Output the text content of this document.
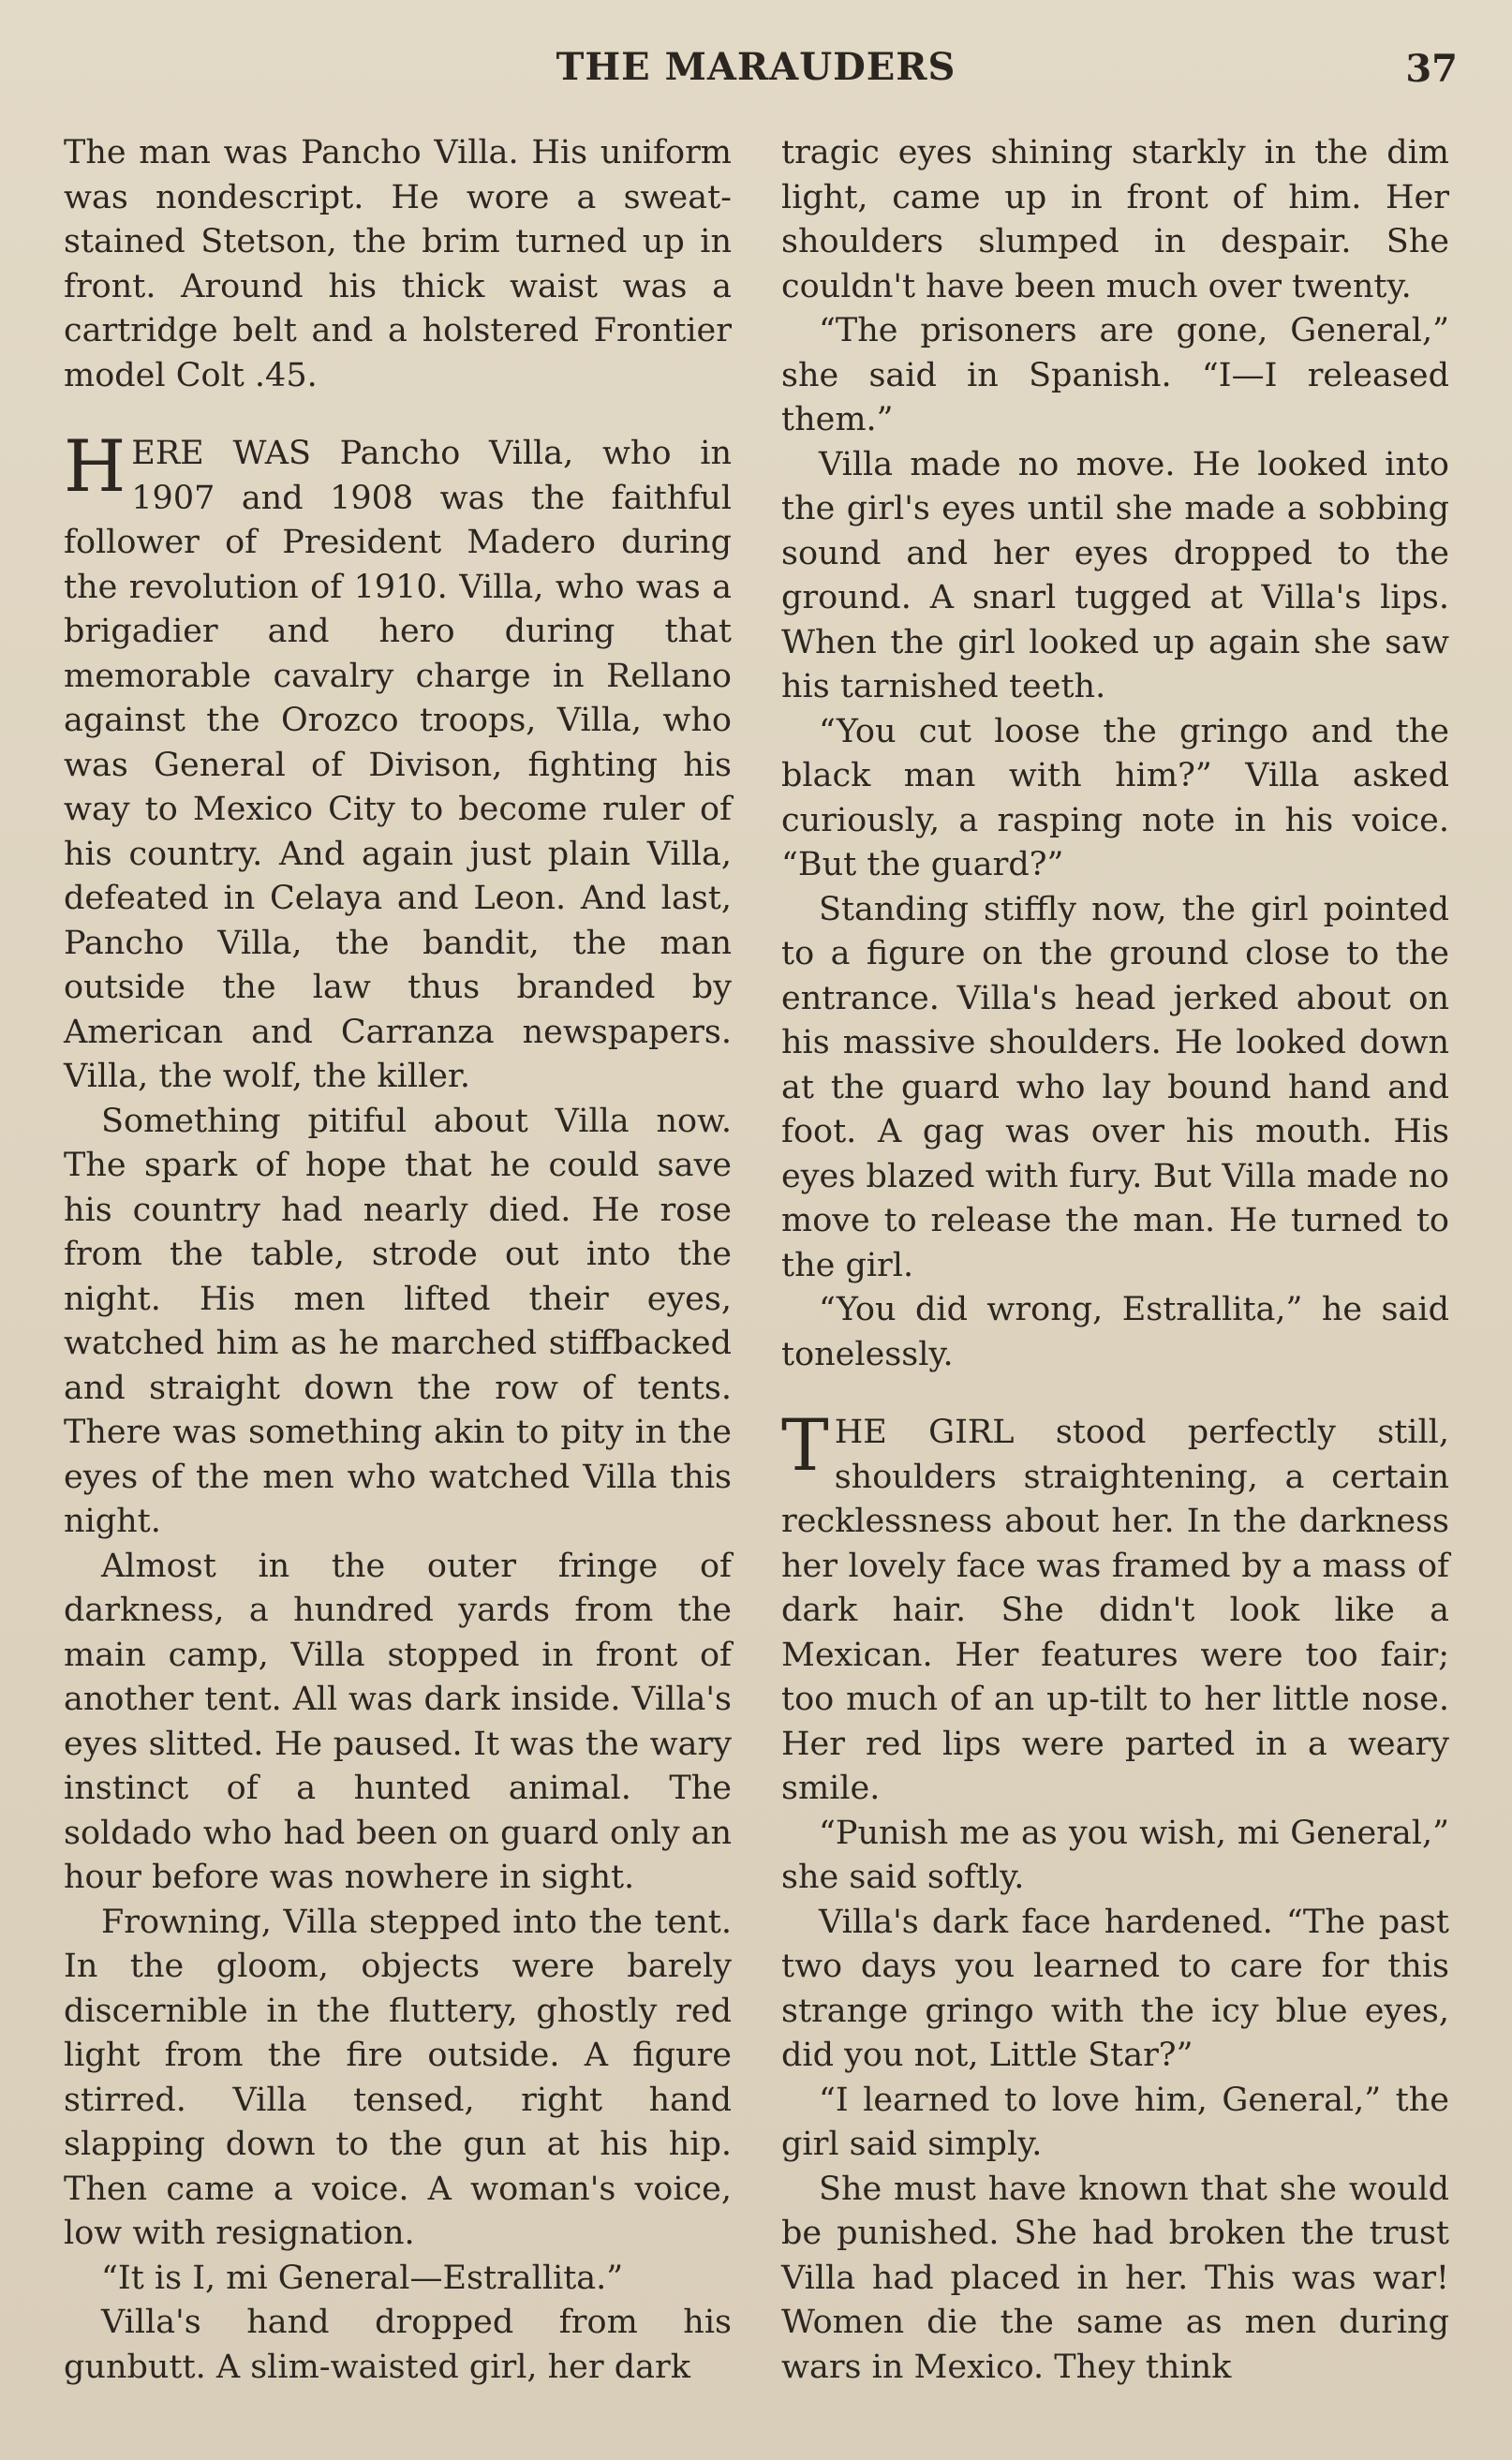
THE MARAUDERS	37

The man was Pancho Villa. His uniform was nondescript. He wore a sweat-stained Stetson, the brim turned up in front. Around his thick waist was a cartridge belt and a holstered Frontier model Colt .45.

HERE WAS Pancho Villa, who in 1907 and 1908 was the faithful follower of President Madero during the revolution of 1910. Villa, who was a brigadier and hero during that memorable cavalry charge in Rellano against the Orozco troops, Villa, who was General of Divison, fighting his way to Mexico City to become ruler of his country. And again just plain Villa, defeated in Celaya and Leon. And last, Pancho Villa, the bandit, the man outside the law thus branded by American and Carranza newspapers. Villa, the wolf, the killer.

Something pitiful about Villa now. The spark of hope that he could save his country had nearly died. He rose from the table, strode out into the night. His men lifted their eyes, watched him as he marched stiffbacked and straight down the row of tents. There was something akin to pity in the eyes of the men who watched Villa this night.

Almost in the outer fringe of darkness, a hundred yards from the main camp, Villa stopped in front of another tent. All was dark inside. Villa's eyes slitted. He paused. It was the wary instinct of a hunted animal. The soldado who had been on guard only an hour before was nowhere in sight.

Frowning, Villa stepped into the tent. In the gloom, objects were barely discernible in the fluttery, ghostly red light from the fire outside. A figure stirred. Villa tensed, right hand slapping down to the gun at his hip. Then came a voice. A woman's voice, low with resignation.

“It is I, mi General—Estrallita.”

Villa's hand dropped from his gunbutt. A slim-waisted girl, her dark

tragic eyes shining starkly in the dim light, came up in front of him. Her shoulders slumped in despair. She couldn't have been much over twenty.

“The prisoners are gone, General,” she said in Spanish. “I—I released them.”

Villa made no move. He looked into the girl's eyes until she made a sobbing sound and her eyes dropped to the ground. A snarl tugged at Villa's lips. When the girl looked up again she saw his tarnished teeth.

“You cut loose the gringo and the black man with him?” Villa asked curiously, a rasping note in his voice. “But the guard?”

Standing stiffly now, the girl pointed to a figure on the ground close to the entrance. Villa's head jerked about on his massive shoulders. He looked down at the guard who lay bound hand and foot. A gag was over his mouth. His eyes blazed with fury. But Villa made no move to release the man. He turned to the girl.

“You did wrong, Estrallita,” he said tonelessly.

THE GIRL stood perfectly still, shoulders straightening, a certain recklessness about her. In the darkness her lovely face was framed by a mass of dark hair. She didn't look like a Mexican. Her features were too fair; too much of an up-tilt to her little nose. Her red lips were parted in a weary smile.

“Punish me as you wish, mi General,” she said softly.

Villa's dark face hardened. “The past two days you learned to care for this strange gringo with the icy blue eyes, did you not, Little Star?”

“I learned to love him, General,” the girl said simply.

She must have known that she would be punished. She had broken the trust Villa had placed in her. This was war! Women die the same as men during wars in Mexico. They think
